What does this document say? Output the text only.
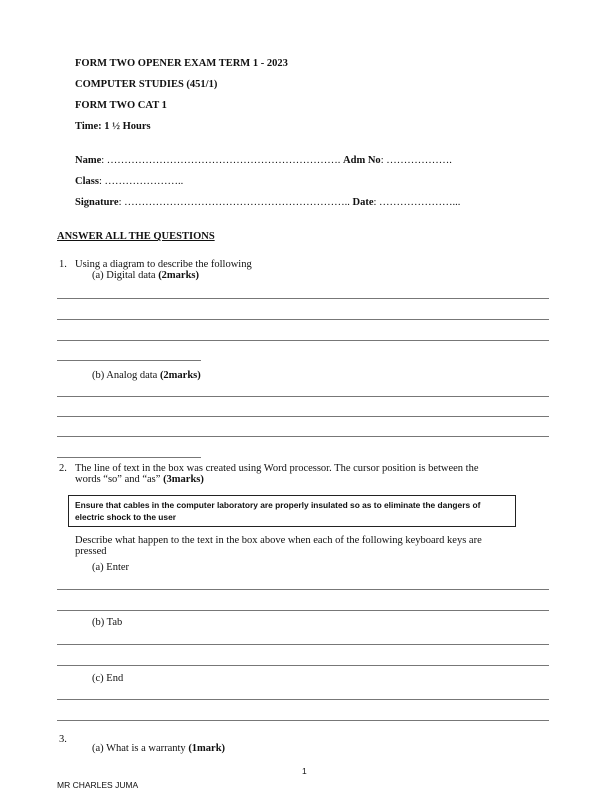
FORM TWO OPENER EXAM TERM 1 - 2023
COMPUTER STUDIES (451/1)
FORM TWO CAT 1
Time: 1 ½ Hours
Name: …………………………………………………………. Adm No: ……………….
Class: …………………..
Signature: ……………………………………………………….. Date: …………………...
ANSWER ALL THE QUESTIONS
1. Using a diagram to describe the following
(a) Digital data (2marks)
(b) Analog data (2marks)
2. The line of text in the box was created using Word processor. The cursor position is between the
words “so” and “as” (3marks)
Ensure that cables in the computer laboratory are properly insulated so as to eliminate the dangers of electric shock to the user
Describe what happen to the text in the box above when each of the following keyboard keys are
pressed
(a) Enter
(b) Tab
(c) End
3.
(a) What is a warranty (1mark)
1
MR CHARLES JUMA
